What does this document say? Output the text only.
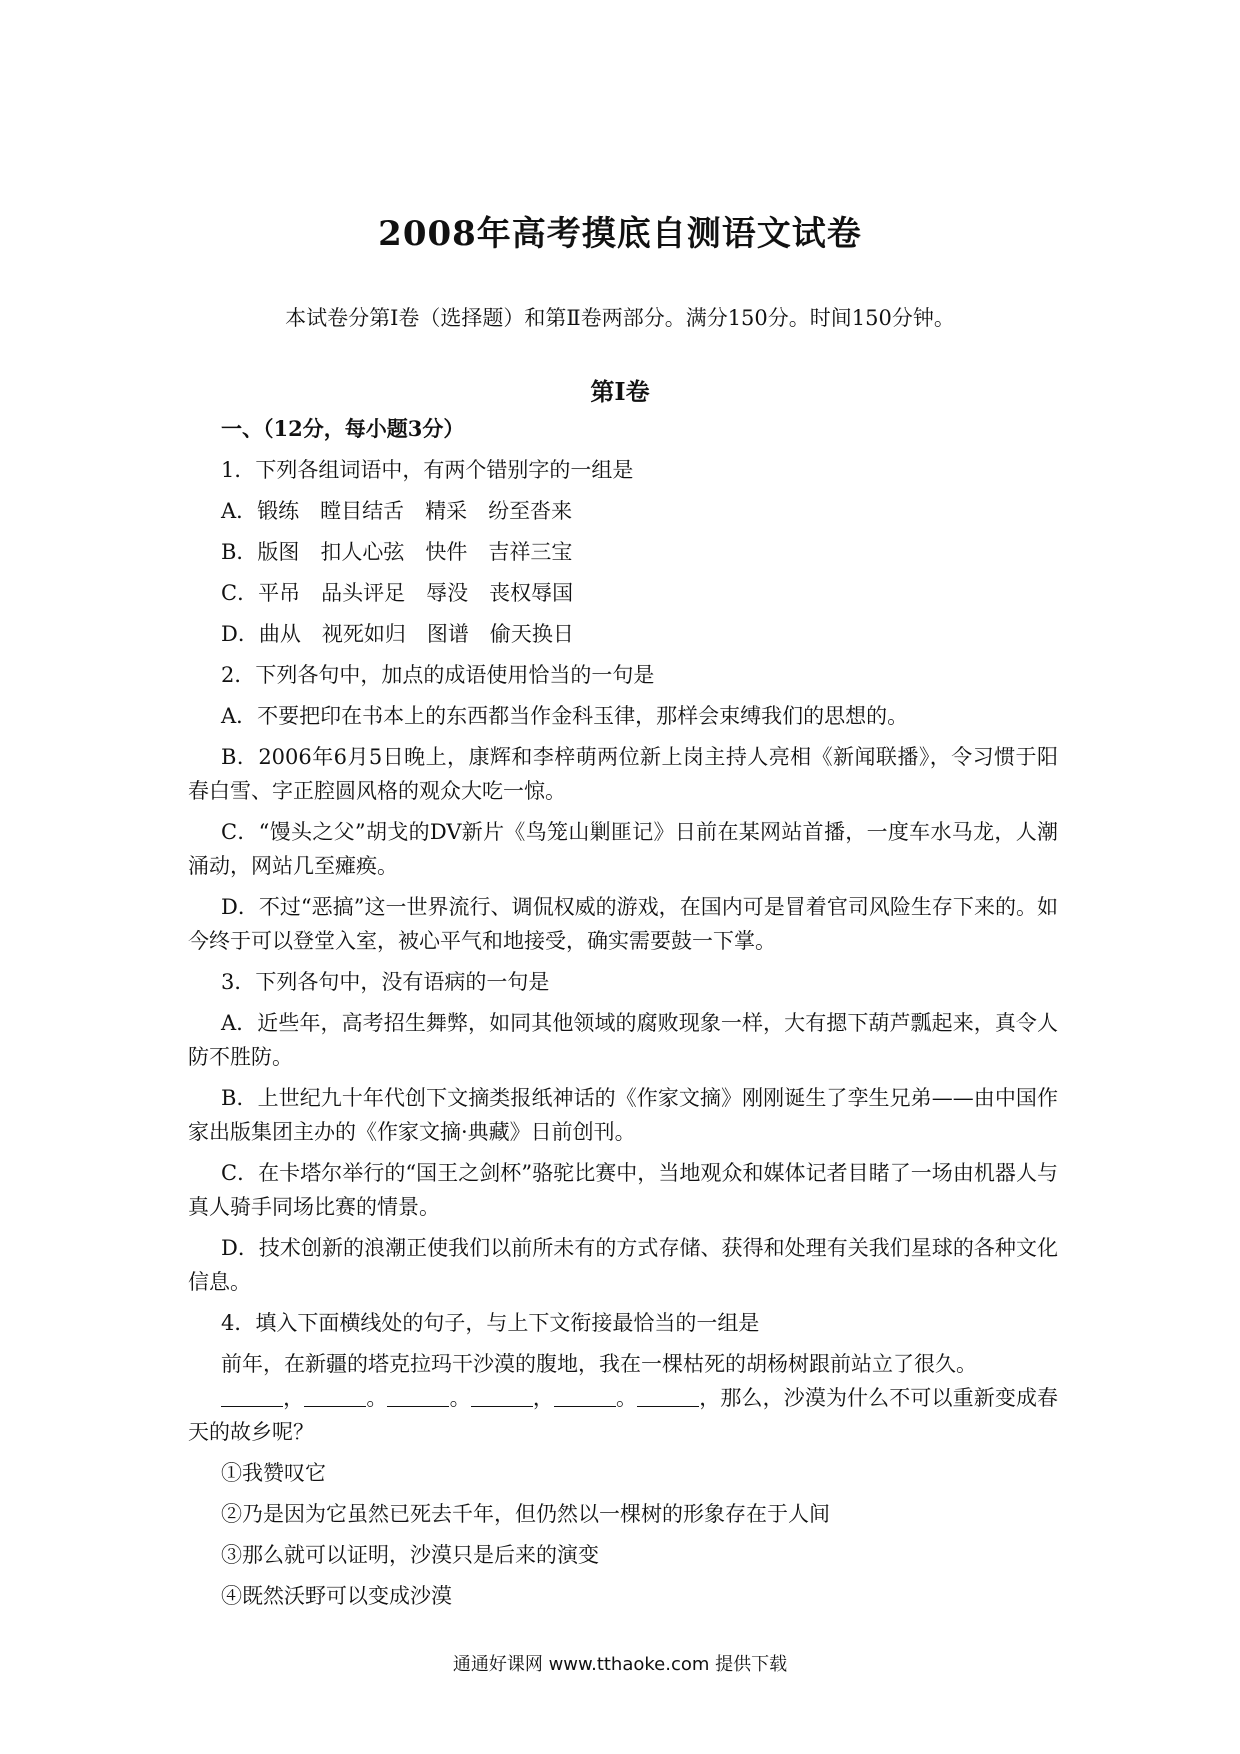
2008年高考摸底自测语文试卷
本试卷分第Ⅰ卷（选择题）和第Ⅱ卷两部分。满分150分。时间150分钟。
第Ⅰ卷

一、（12分，每小题3分）

1．下列各组词语中，有两个错别字的一组是

A．锻练　瞠目结舌　精采　纷至沓来

B．版图　扣人心弦　快件　吉祥三宝

C．平吊　品头评足　辱没　丧权辱国

D．曲从　视死如归　图谱　偷天换日

2．下列各句中，加点的成语使用恰当的一句是

A．不要把印在书本上的东西都当作金科玉律，那样会束缚我们的思想的。

B．2006年6月5日晚上，康辉和李梓萌两位新上岗主持人亮相《新闻联播》，令习惯于阳春白雪、字正腔圆风格的观众大吃一惊。

C．“馒头之父”胡戈的DV新片《鸟笼山剿匪记》日前在某网站首播，一度车水马龙，人潮涌动，网站几至瘫痪。

D．不过“恶搞”这一世界流行、调侃权威的游戏，在国内可是冒着官司风险生存下来的。如今终于可以登堂入室，被心平气和地接受，确实需要鼓一下掌。

3．下列各句中，没有语病的一句是

A．近些年，高考招生舞弊，如同其他领域的腐败现象一样，大有摁下葫芦瓢起来，真令人防不胜防。

B．上世纪九十年代创下文摘类报纸神话的《作家文摘》刚刚诞生了孪生兄弟——由中国作家出版集团主办的《作家文摘·典藏》日前创刊。

C．在卡塔尔举行的“国王之剑杯”骆驼比赛中，当地观众和媒体记者目睹了一场由机器人与真人骑手同场比赛的情景。

D．技术创新的浪潮正使我们以前所未有的方式存储、获得和处理有关我们星球的各种文化信息。

4．填入下面横线处的句子，与上下文衔接最恰当的一组是

前年，在新疆的塔克拉玛干沙漠的腹地，我在一棵枯死的胡杨树跟前站立了很久。

，	。	。	，	。	，那么，沙漠为什么不可以重新变成春天的故乡呢？

①我赞叹它

②乃是因为它虽然已死去千年，但仍然以一棵树的形象存在于人间

③那么就可以证明，沙漠只是后来的演变

④既然沃野可以变成沙漠

通通好课网 www.tthaoke.com 提供下载
